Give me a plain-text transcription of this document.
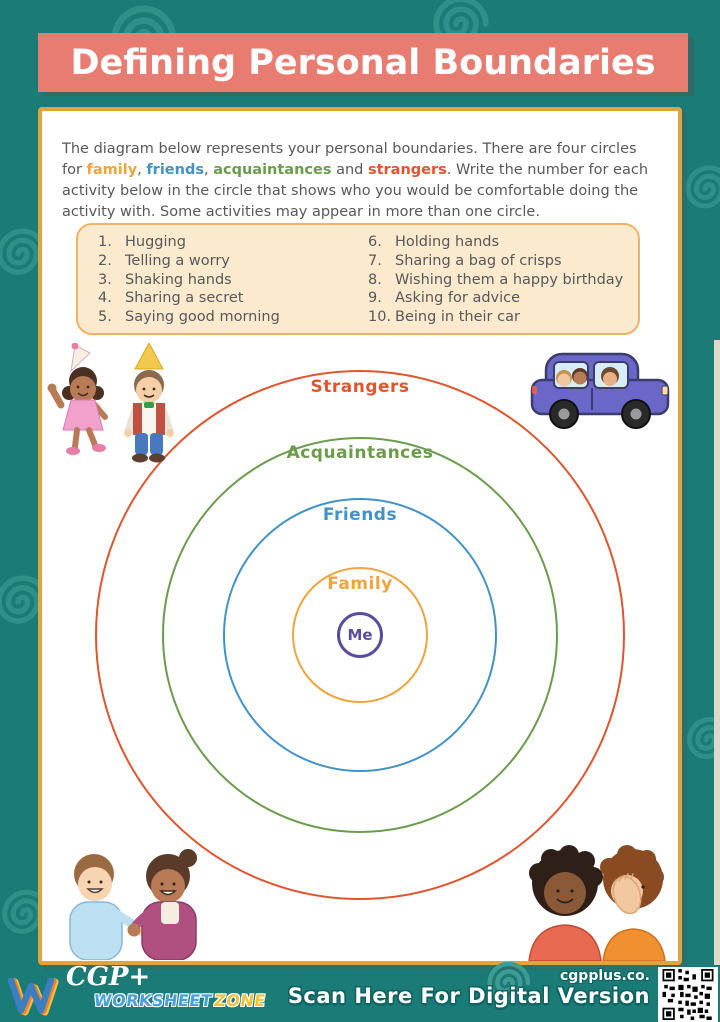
Defining Personal Boundaries

The diagram below represents your personal boundaries. There are four circles for family, friends, acquaintances and strangers. Write the number for each activity below in the circle that shows who you would be comfortable doing the activity with. Some activities may appear in more than one circle.

1. Hugging
2. Telling a worry
3. Shaking hands
4. Sharing a secret
5. Saying good morning
6. Holding hands
7. Sharing a bag of crisps
8. Wishing them a happy birthday
9. Asking for advice
10. Being in their car
Strangers
Acquaintances
Friends
Family
Me
CGP+
WORKSHEETZONE
cgpplus.co.
Scan Here For Digital Version
